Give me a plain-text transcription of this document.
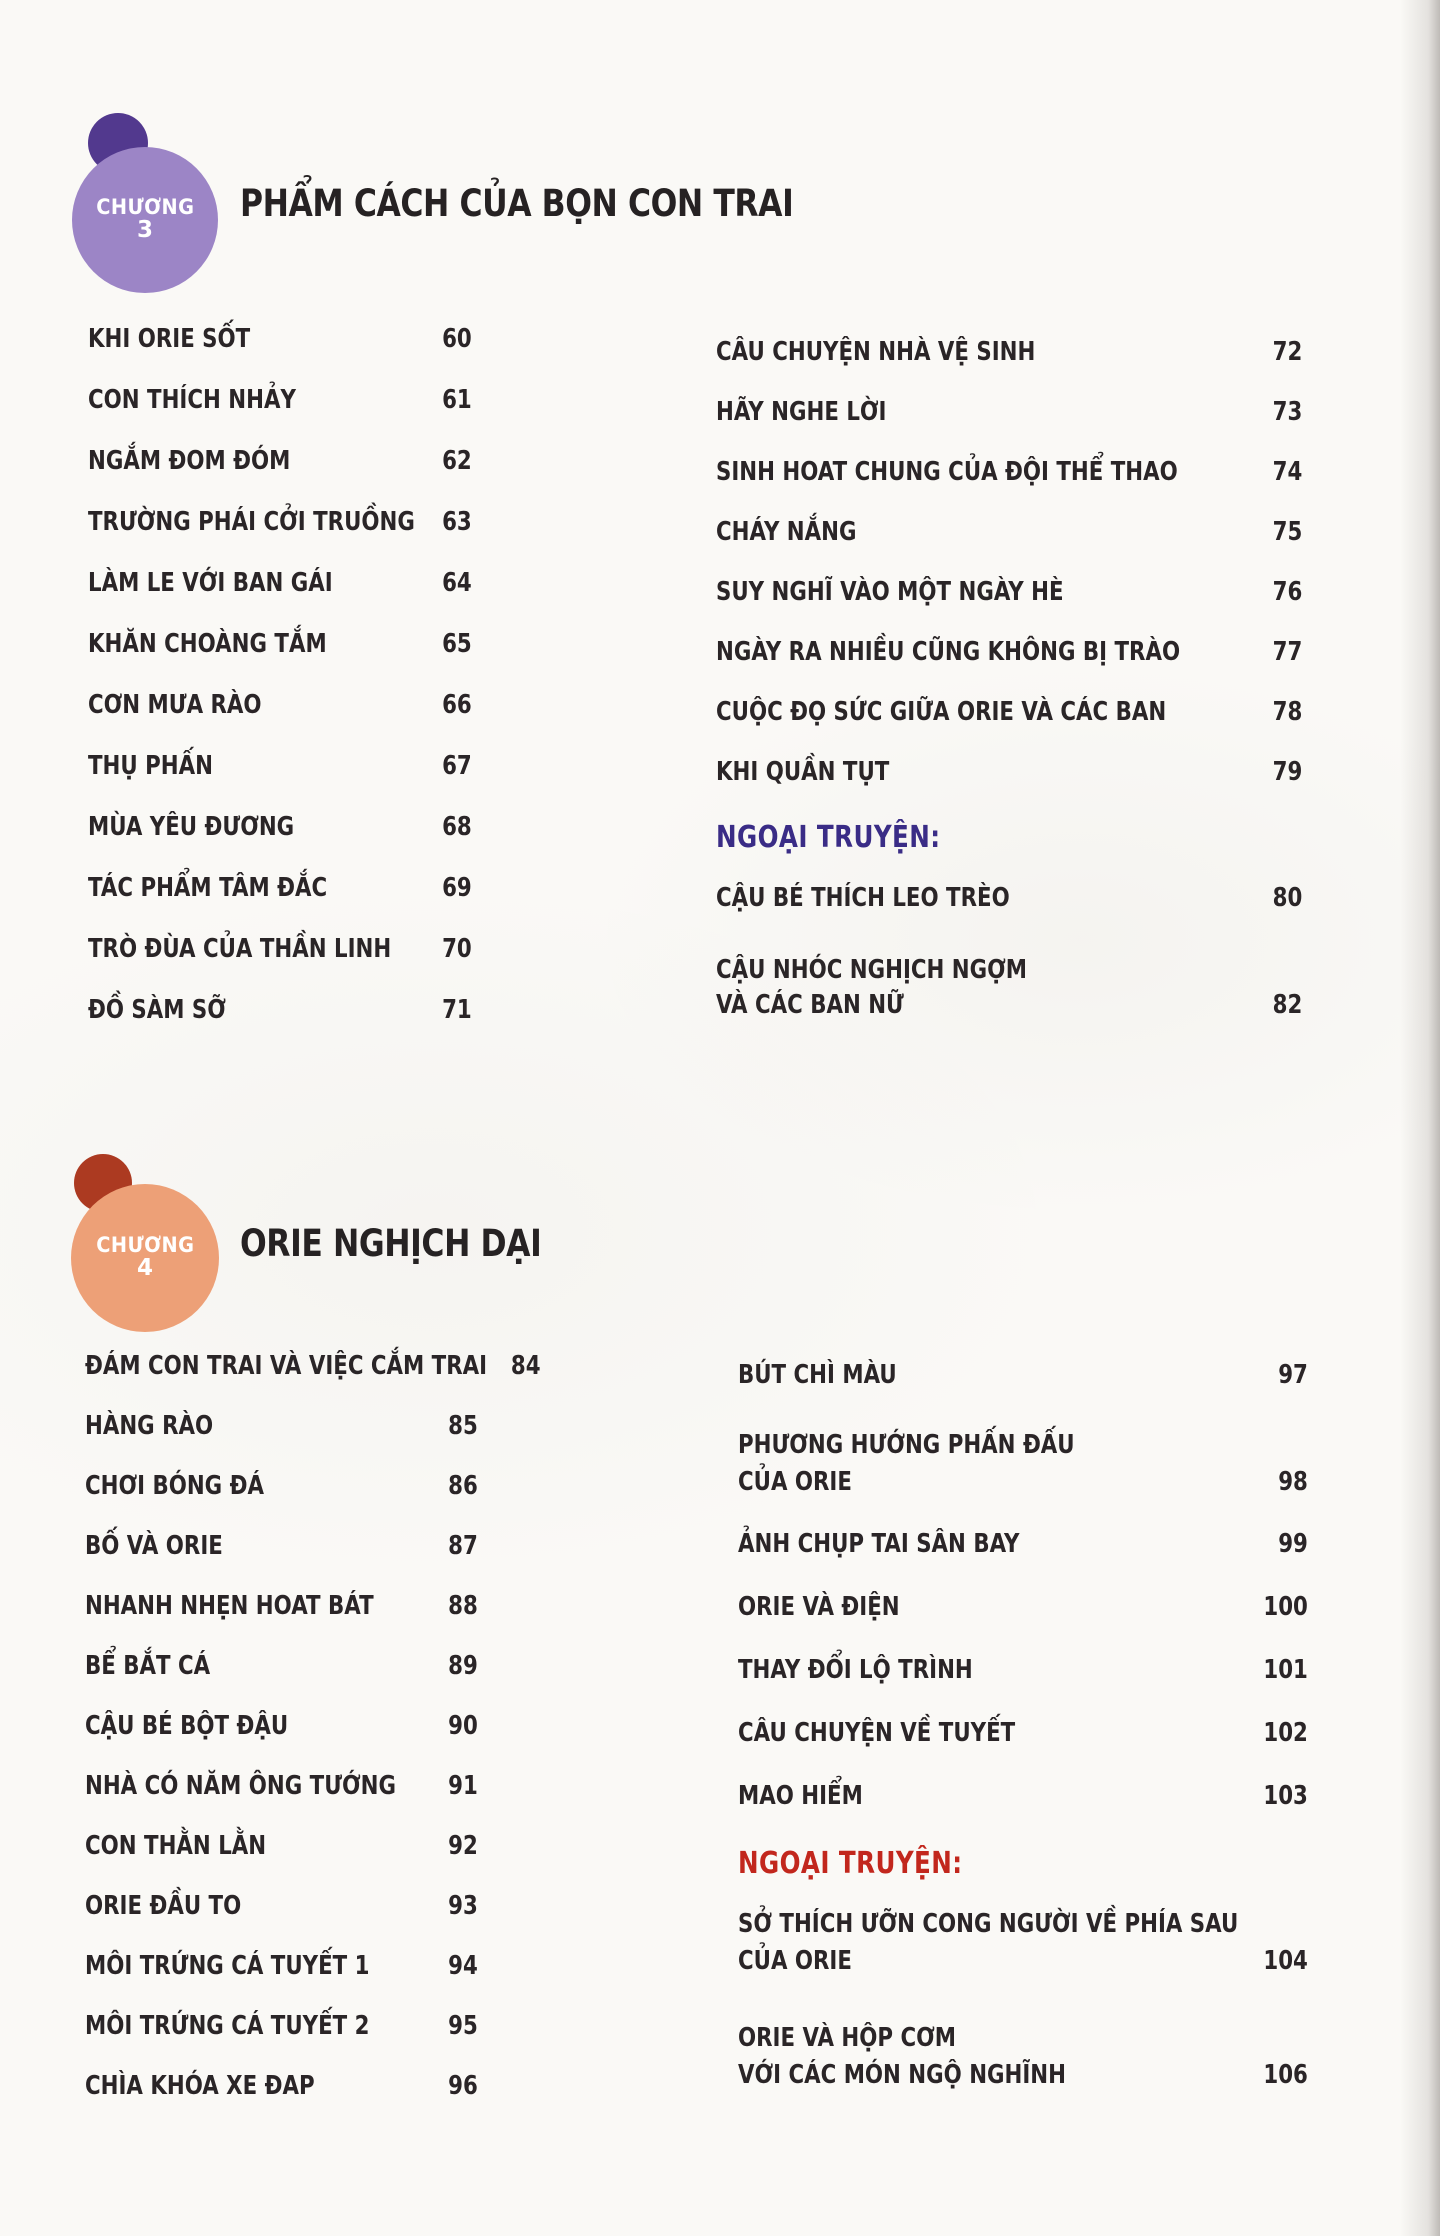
CHƯƠNG
3
PHẨM CÁCH CỦA BỌN CON TRAI
KHI ORIE SỐT	60
CON THÍCH NHẢY	61
NGẮM ĐOM ĐÓM	62
TRƯỜNG PHÁI CỞI TRUỒNG 63
LÀM LE VỚI BAN GÁI	64
KHĂN CHOÀNG TẮM	65
CƠN MƯA RÀO	66
THỤ PHẤN	67
MÙA YÊU ĐƯƠNG	68
TÁC PHẨM TÂM ĐẮC	69
TRÒ ĐÙA CỦA THẦN LINH 70
ĐỒ SÀM SỠ	71
CÂU CHUYỆN NHÀ VỆ SINH	72
HÃY NGHE LỜI	73
SINH HOAT CHUNG CỦA ĐỘI THỂ THAO	74
CHÁY NẮNG	75
SUY NGHĨ VÀO MỘT NGÀY HÈ	76
NGÀY RA NHIỀU CŨNG KHÔNG BỊ TRÀO	77
CUỘC ĐỌ SỨC GIỮA ORIE VÀ CÁC BAN	78
KHI QUẦN TỤT	79
NGOẠI TRUYỆN:
CẬU BÉ THÍCH LEO TRÈO	80
CẬU NHÓC NGHỊCH NGỢM
VÀ CÁC BAN NỮ	82
CHƯƠNG
4
ORIE NGHỊCH DẠI
ĐÁM CON TRAI VÀ VIỆC CẮM TRAI 84
HÀNG RÀO	85
CHƠI BÓNG ĐÁ	86
BỐ VÀ ORIE	87
NHANH NHẸN HOAT BÁT	88
BỂ BẮT CÁ	89
CẬU BÉ BỘT ĐẬU	90
NHÀ CÓ NĂM ÔNG TƯỚNG 91
CON THẰN LẰN	92
ORIE ĐẦU TO	93
MÔI TRỨNG CÁ TUYẾT 1	94
MÔI TRỨNG CÁ TUYẾT 2	95
CHÌA KHÓA XE ĐAP	96
BÚT CHÌ MÀU	97
PHƯƠNG HƯỚNG PHẤN ĐẤU
CỦA ORIE	98
ẢNH CHỤP TAI SÂN BAY	99
ORIE VÀ ĐIỆN	100
THAY ĐỔI LỘ TRÌNH	101
CÂU CHUYỆN VỀ TUYẾT	102
MAO HIỂM	103
NGOẠI TRUYỆN:
SỞ THÍCH ƯỠN CONG NGƯỜI VỀ PHÍA SAU
CỦA ORIE	104
ORIE VÀ HỘP CƠM
VỚI CÁC MÓN NGỘ NGHĨNH	106
